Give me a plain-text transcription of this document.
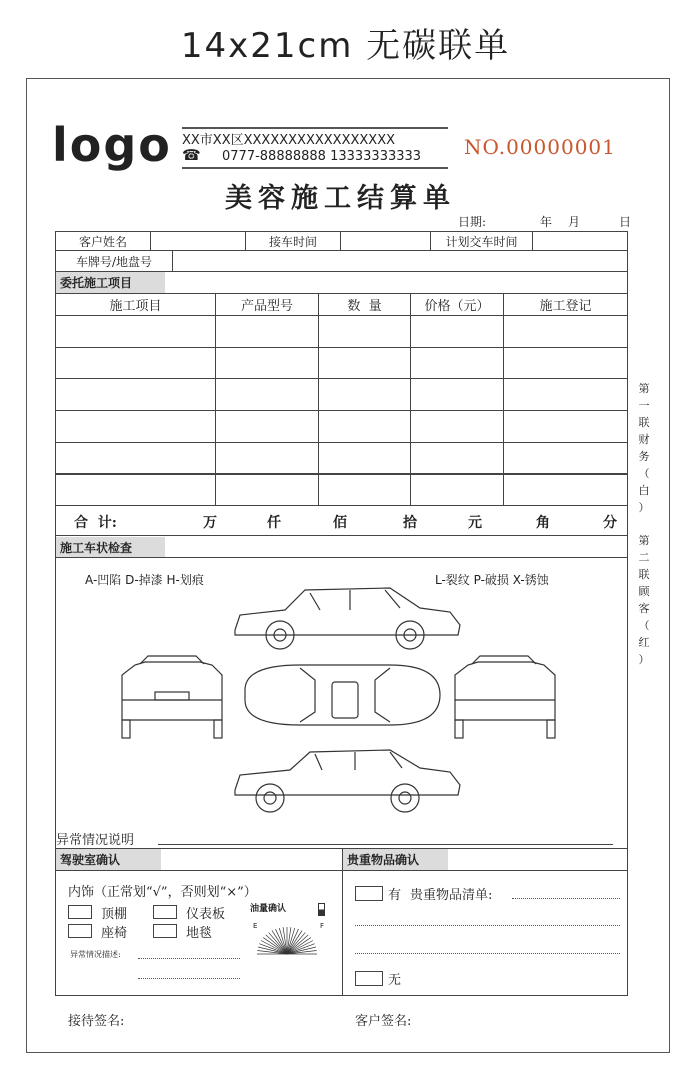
14x21cm 无碳联单
logo XX市XX区XXXXXXXXXXXXXXXXX
☎ 0777-88888888 13333333333 NO.00000001
美容施工结算单
日期:	年 月	日
客户姓名	接车时间	计划交车时间
车牌号/地盘号
委托施工项目
施工项目	产品型号	数  量	价格（元）	施工登记
合  计:	万	仟	佰	拾	元	角	分
施工车状检查
A-凹陷 D-掉漆 H-划痕	L-裂纹 P-破损 X-锈蚀
异常情况说明
驾驶室确认	贵重物品确认
内饰（正常划“√”，否则划“×”）
顶棚	仪表板
座椅	地毯
油量确认
E	F
异常情况描述:
有 贵重物品清单:
无
接待签名:	客户签名:
第
一
联
财
务
（
白
）
第
二
联
顾
客
（
红
）
